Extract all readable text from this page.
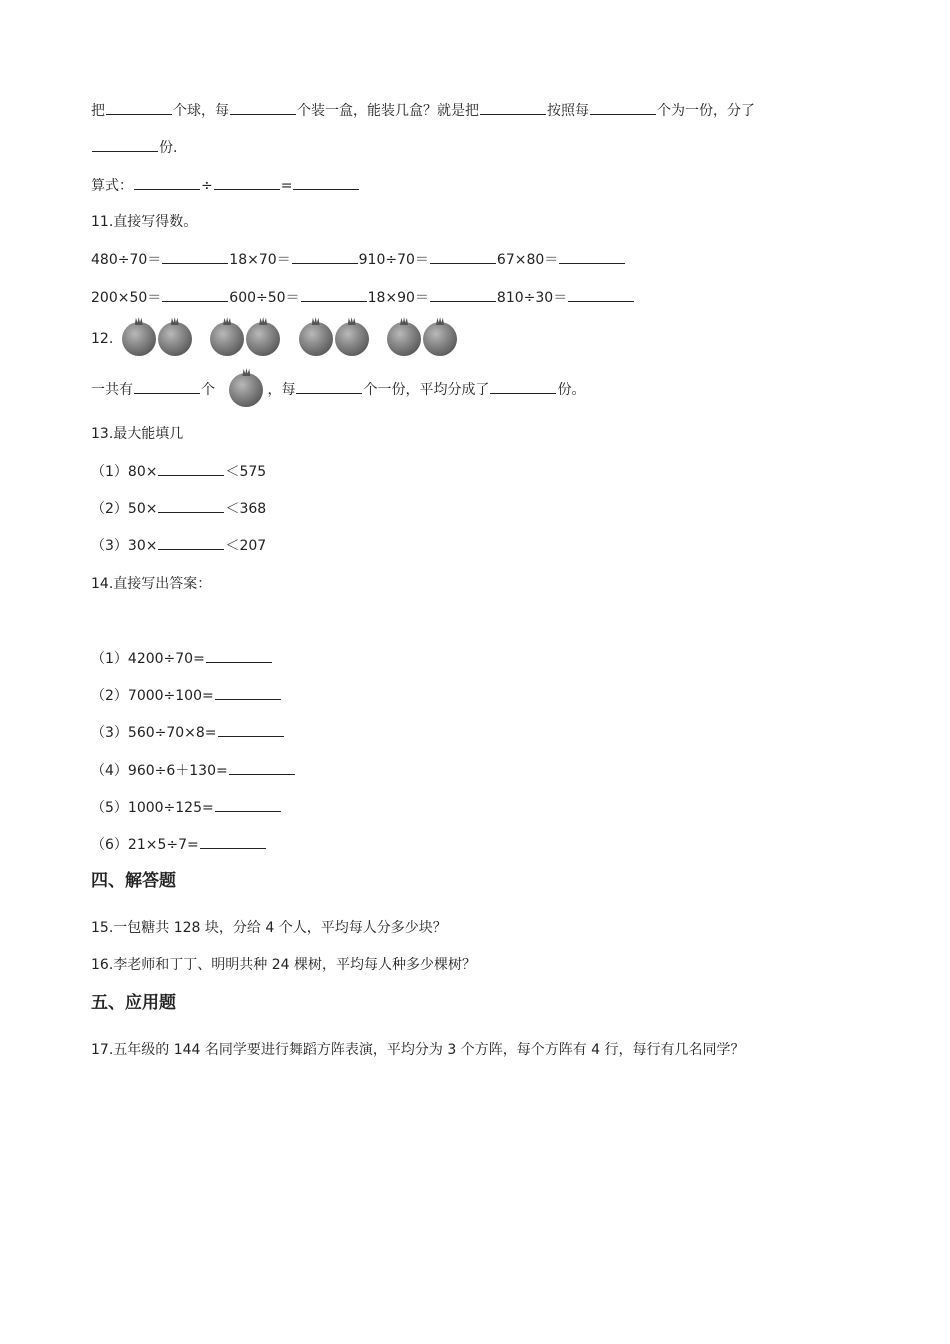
把	个球，每	个装一盒，能装几盒？就是把	按照每	个为一份，分了
份.
算式：	÷	=
11.直接写得数。
480÷70＝	18×70＝	910÷70＝	67×80＝
200×50＝	600÷50＝	18×90＝	810÷30＝
12.
一共有	个	，每	个一份，平均分成了	份。
13.最大能填几
（1）80×	＜575
（2）50×	＜368
（3）30×	＜207
14.直接写出答案：
（1）4200÷70=
（2）7000÷100=
（3）560÷70×8=
（4）960÷6＋130=
（5）1000÷125=
（6）21×5÷7=
四、解答题
15.一包糖共 128 块，分给 4 个人，平均每人分多少块？
16.李老师和丁丁、明明共种 24 棵树，平均每人种多少棵树？
五、应用题
17.五年级的 144 名同学要进行舞蹈方阵表演，平均分为 3 个方阵，每个方阵有 4 行，每行有几名同学？
